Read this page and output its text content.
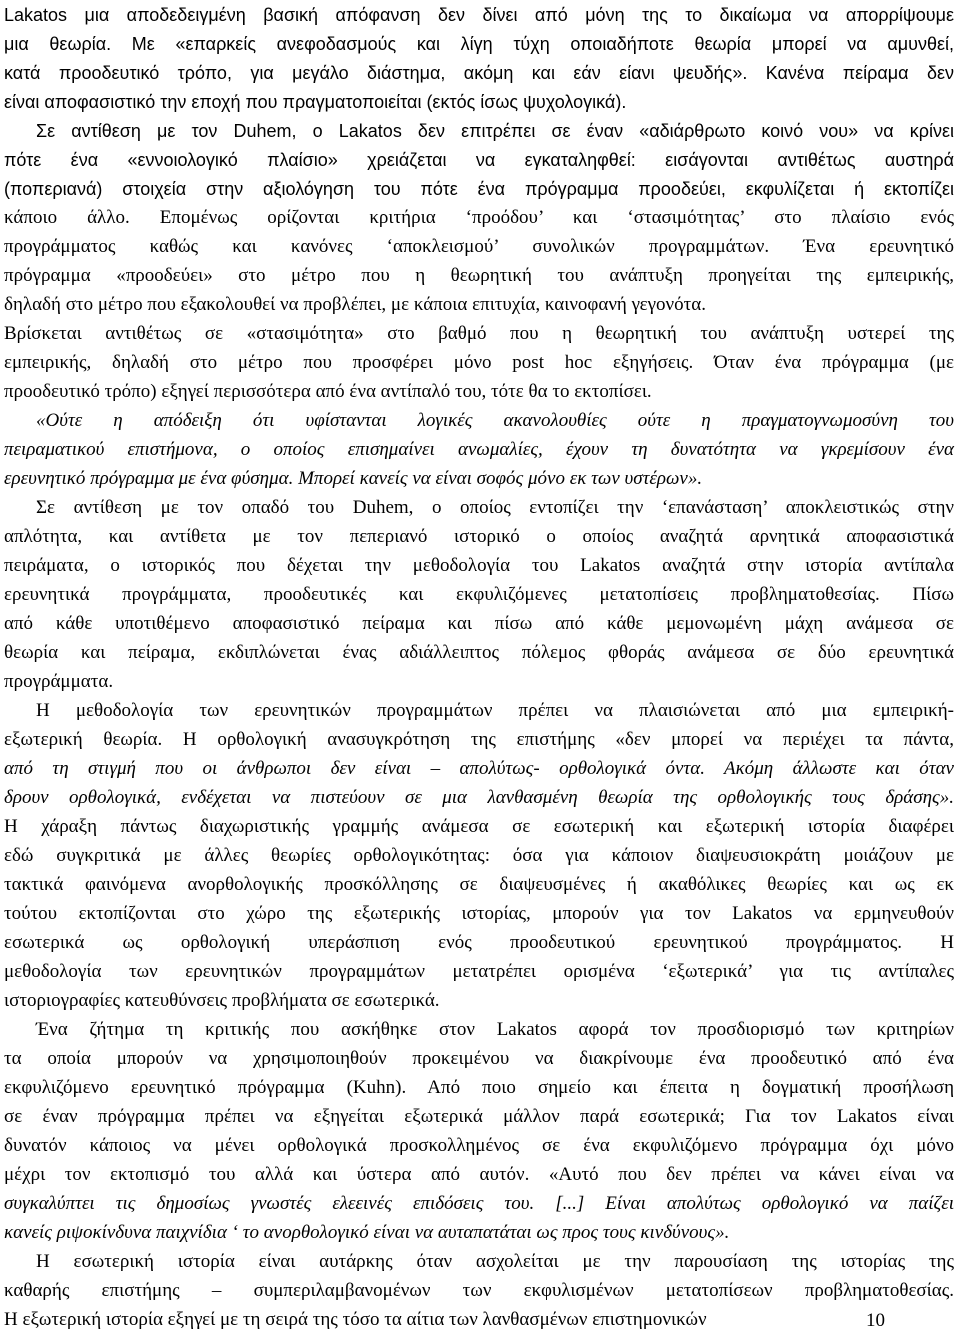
Lakatos μια αποδεδειγμένη βασική απόφανση δεν δίνει από μόνη της το δικαίωμα να απορρίψουμε
μια θεωρία. Με «επαρκείς ανεφοδασμούς και λίγη τύχη οποιαδήποτε θεωρία μπορεί να αμυνθεί,
κατά προοδευτικό τρόπο, για μεγάλο διάστημα, ακόμη και εάν είανι ψευδής». Κανένα πείραμα δεν
είναι αποφασιστικό την εποχή που πραγματοποιείται (εκτός ίσως ψυχολογικά).
Σε αντίθεση με τον Duhem, ο Lakatos δεν επιτρέπει σε έναν «αδιάρθρωτο κοινό νου» να κρίνει
πότε ένα «εννοιολογικό πλαίσιο» χρειάζεται να εγκαταληφθεί: εισάγονται αντιθέτως αυστηρά
(ποπεριανά) στοιχεία στην αξιολόγηση του πότε ένα πρόγραμμα προοδεύει, εκφυλίζεται ή εκτοπίζει
κάποιο άλλο. Επομένως ορίζονται κριτήρια ‘προόδου’ και ‘στασιμότητας’ στο πλαίσιο ενός
προγράμματος καθώς και κανόνες ‘αποκλεισμού’ συνολικών προγραμμάτων. Ένα ερευνητικό
πρόγραμμα «προοδεύει» στο μέτρο που η θεωρητική του ανάπτυξη προηγείται της εμπειρικής,
δηλαδή στο μέτρο που εξακολουθεί να προβλέπει, με κάποια επιτυχία, καινοφανή γεγονότα.
Βρίσκεται αντιθέτως σε «στασιμότητα» στο βαθμό που η θεωρητική του ανάπτυξη υστερεί της
εμπειρικής, δηλαδή στο μέτρο που προσφέρει μόνο post hoc εξηγήσεις. Όταν ένα πρόγραμμα (με
προοδευτικό τρόπο) εξηγεί περισσότερα από ένα αντίπαλό του, τότε θα το εκτοπίσει.
«Ούτε η απόδειξη ότι υφίστανται λογικές ακανολουθίες ούτε η πραγματογνωμοσύνη του
πειραματικού επιστήμονα, ο οποίος επισημαίνει ανωμαλίες, έχουν τη δυνατότητα να γκρεμίσουν ένα
ερευνητικό πρόγραμμα με ένα φύσημα. Μπορεί κανείς να είναι σοφός μόνο εκ των υστέρων».
Σε αντίθεση με τον οπαδό του Duhem, ο οποίος εντοπίζει την ‘επανάσταση’ αποκλειστικώς στην
απλότητα, και αντίθετα με τον πεπεριανό ιστορικό ο οποίος αναζητά αρνητικά αποφασιστικά
πειράματα, ο ιστορικός που δέχεται την μεθοδολογία του Lakatos αναζητά στην ιστορία αντίπαλα
ερευνητικά προγράμματα, προοδευτικές και εκφυλιζόμενες μετατοπίσεις προβληματοθεσίας. Πίσω
από κάθε υποτιθέμενο αποφασιστικό πείραμα και πίσω από κάθε μεμονωμένη μάχη ανάμεσα σε
θεωρία και πείραμα, εκδιπλώνεται ένας αδιάλλειπτος πόλεμος φθοράς ανάμεσα σε δύο ερευνητικά
προγράμματα.
Η μεθοδολογία των ερευνητικών προγραμμάτων πρέπει να πλαισιώνεται από μια εμπειρική-
εξωτερική θεωρία. Η ορθολογική ανασυγκρότηση της επιστήμης «δεν μπορεί να περιέχει τα πάντα,
από τη στιγμή που οι άνθρωποι δεν είναι – απολύτως- ορθολογικά όντα. Ακόμη άλλωστε και όταν
δρουν ορθολογικά, ενδέχεται να πιστεύουν σε μια λανθασμένη θεωρία της ορθολογικής τους δράσης».
Η χάραξη πάντως διαχωριστικής γραμμής ανάμεσα σε εσωτερική και εξωτερική ιστορία διαφέρει
εδώ συγκριτικά με άλλες θεωρίες ορθολογικότητας: όσα για κάποιον διαψευσιοκράτη μοιάζουν με
τακτικά φαινόμενα ανορθολογικής προσκόλλησης σε διαψευσμένες ή ακαθόλικες θεωρίες και ως εκ
τούτου εκτοπίζονται στο χώρο της εξωτερικής ιστορίας, μπορούν για τον Lakatos να ερμηνευθούν
εσωτερικά ως ορθολογική υπεράσπιση ενός προοδευτικού ερευνητικού προγράμματος. Η
μεθοδολογία των ερευνητικών προγραμμάτων μετατρέπει ορισμένα ‘εξωτερικά’ για τις αντίπαλες
ιστοριογραφίες κατευθύνσεις προβλήματα σε εσωτερικά.
Ένα ζήτημα τη κριτικής που ασκήθηκε στον Lakatos αφορά τον προσδιορισμό των κριτηρίων
τα οποία μπορούν να χρησιμοποιηθούν προκειμένου να διακρίνουμε ένα προοδευτικό από ένα
εκφυλιζόμενο ερευνητικό πρόγραμμα (Kuhn). Από ποιο σημείο και έπειτα η δογματική προσήλωση
σε έναν πρόγραμμα πρέπει να εξηγείται εξωτερικά μάλλον παρά εσωτερικά; Για τον Lakatos είναι
δυνατόν κάποιος να μένει ορθολογικά προσκολλημένος σε ένα εκφυλιζόμενο πρόγραμμα όχι μόνο
μέχρι τον εκτοπισμό του αλλά και ύστερα από αυτόν. «Αυτό που δεν πρέπει να κάνει είναι να
συγκαλύπτει τις δημοσίως γνωστές ελεεινές επιδόσεις του. [...] Είναι απολύτως ορθολογικό να παίζει
κανείς ριψοκίνδυνα παιχνίδια ‘ το ανορθολογικό είναι να αυταπατάται ως προς τους κινδύνους».
Η εσωτερική ιστορία είναι αυτάρκης όταν ασχολείται με την παρουσίαση της ιστορίας της
καθαρής επιστήμης – συμπεριλαμβανομένων των εκφυλισμένων μετατοπίσεων προβληματοθεσίας.
Η εξωτερική ιστορία εξηγεί με τη σειρά της τόσο τα αίτια των λανθασμένων επιστημονικών	10
